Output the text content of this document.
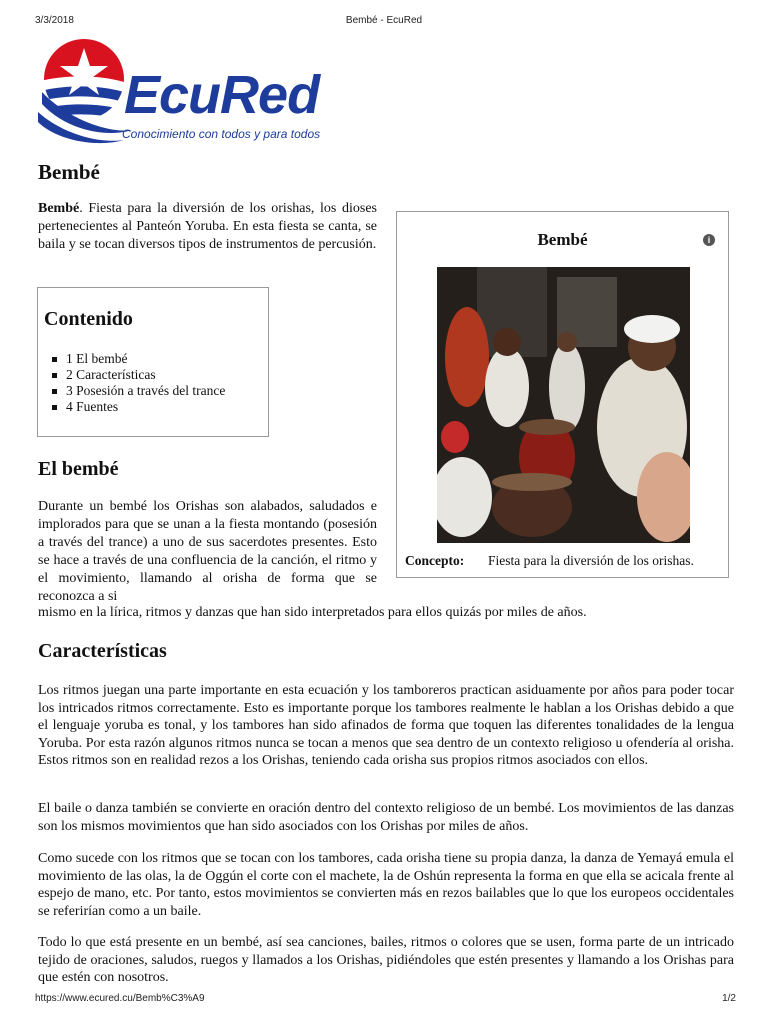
3/3/2018	Bembé - EcuRed
EcuRed
Conocimiento con todos y para todos
Bembé

Bembé. Fiesta para la diversión de los orishas, los dioses pertenecientes al Panteón Yoruba. En esta fiesta se canta, se baila y se tocan diversos tipos de instrumentos de percusión.

Contenido
1 El bembé
2 Características
3 Posesión a través del trance
4 Fuentes
Bembé	i
Concepto: Fiesta para la diversión de los orishas.
El bembé

Durante un bembé los Orishas son alabados, saludados e implorados para que se unan a la fiesta montando (posesión a través del trance) a uno de sus sacerdotes presentes. Esto se hace a través de una confluencia de la canción, el ritmo y el movimiento, llamando al orisha de forma que se reconozca a si

mismo en la lírica, ritmos y danzas que han sido interpretados para ellos quizás por miles de años.

Características

Los ritmos juegan una parte importante en esta ecuación y los tamboreros practican asiduamente por años para poder tocar los intricados ritmos correctamente. Esto es importante porque los tambores realmente le hablan a los Orishas debido a que el lenguaje yoruba es tonal, y los tambores han sido afinados de forma que toquen las diferentes tonalidades de la lengua Yoruba. Por esta razón algunos ritmos nunca se tocan a menos que sea dentro de un contexto religioso u ofendería al orisha. Estos ritmos son en realidad rezos a los Orishas, teniendo cada orisha sus propios ritmos asociados con ellos.

El baile o danza también se convierte en oración dentro del contexto religioso de un bembé. Los movimientos de las danzas son los mismos movimientos que han sido asociados con los Orishas por miles de años.

Como sucede con los ritmos que se tocan con los tambores, cada orisha tiene su propia danza, la danza de Yemayá emula el movimiento de las olas, la de Oggún el corte con el machete, la de Oshún representa la forma en que ella se acicala frente al espejo de mano, etc. Por tanto, estos movimientos se convierten más en rezos bailables que lo que los europeos occidentales se referirían como a un baile.

Todo lo que está presente en un bembé, así sea canciones, bailes, ritmos o colores que se usen, forma parte de un intricado tejido de oraciones, saludos, ruegos y llamados a los Orishas, pidiéndoles que estén presentes y llamando a los Orishas para que estén con nosotros.

https://www.ecured.cu/Bemb%C3%A9	1/2
